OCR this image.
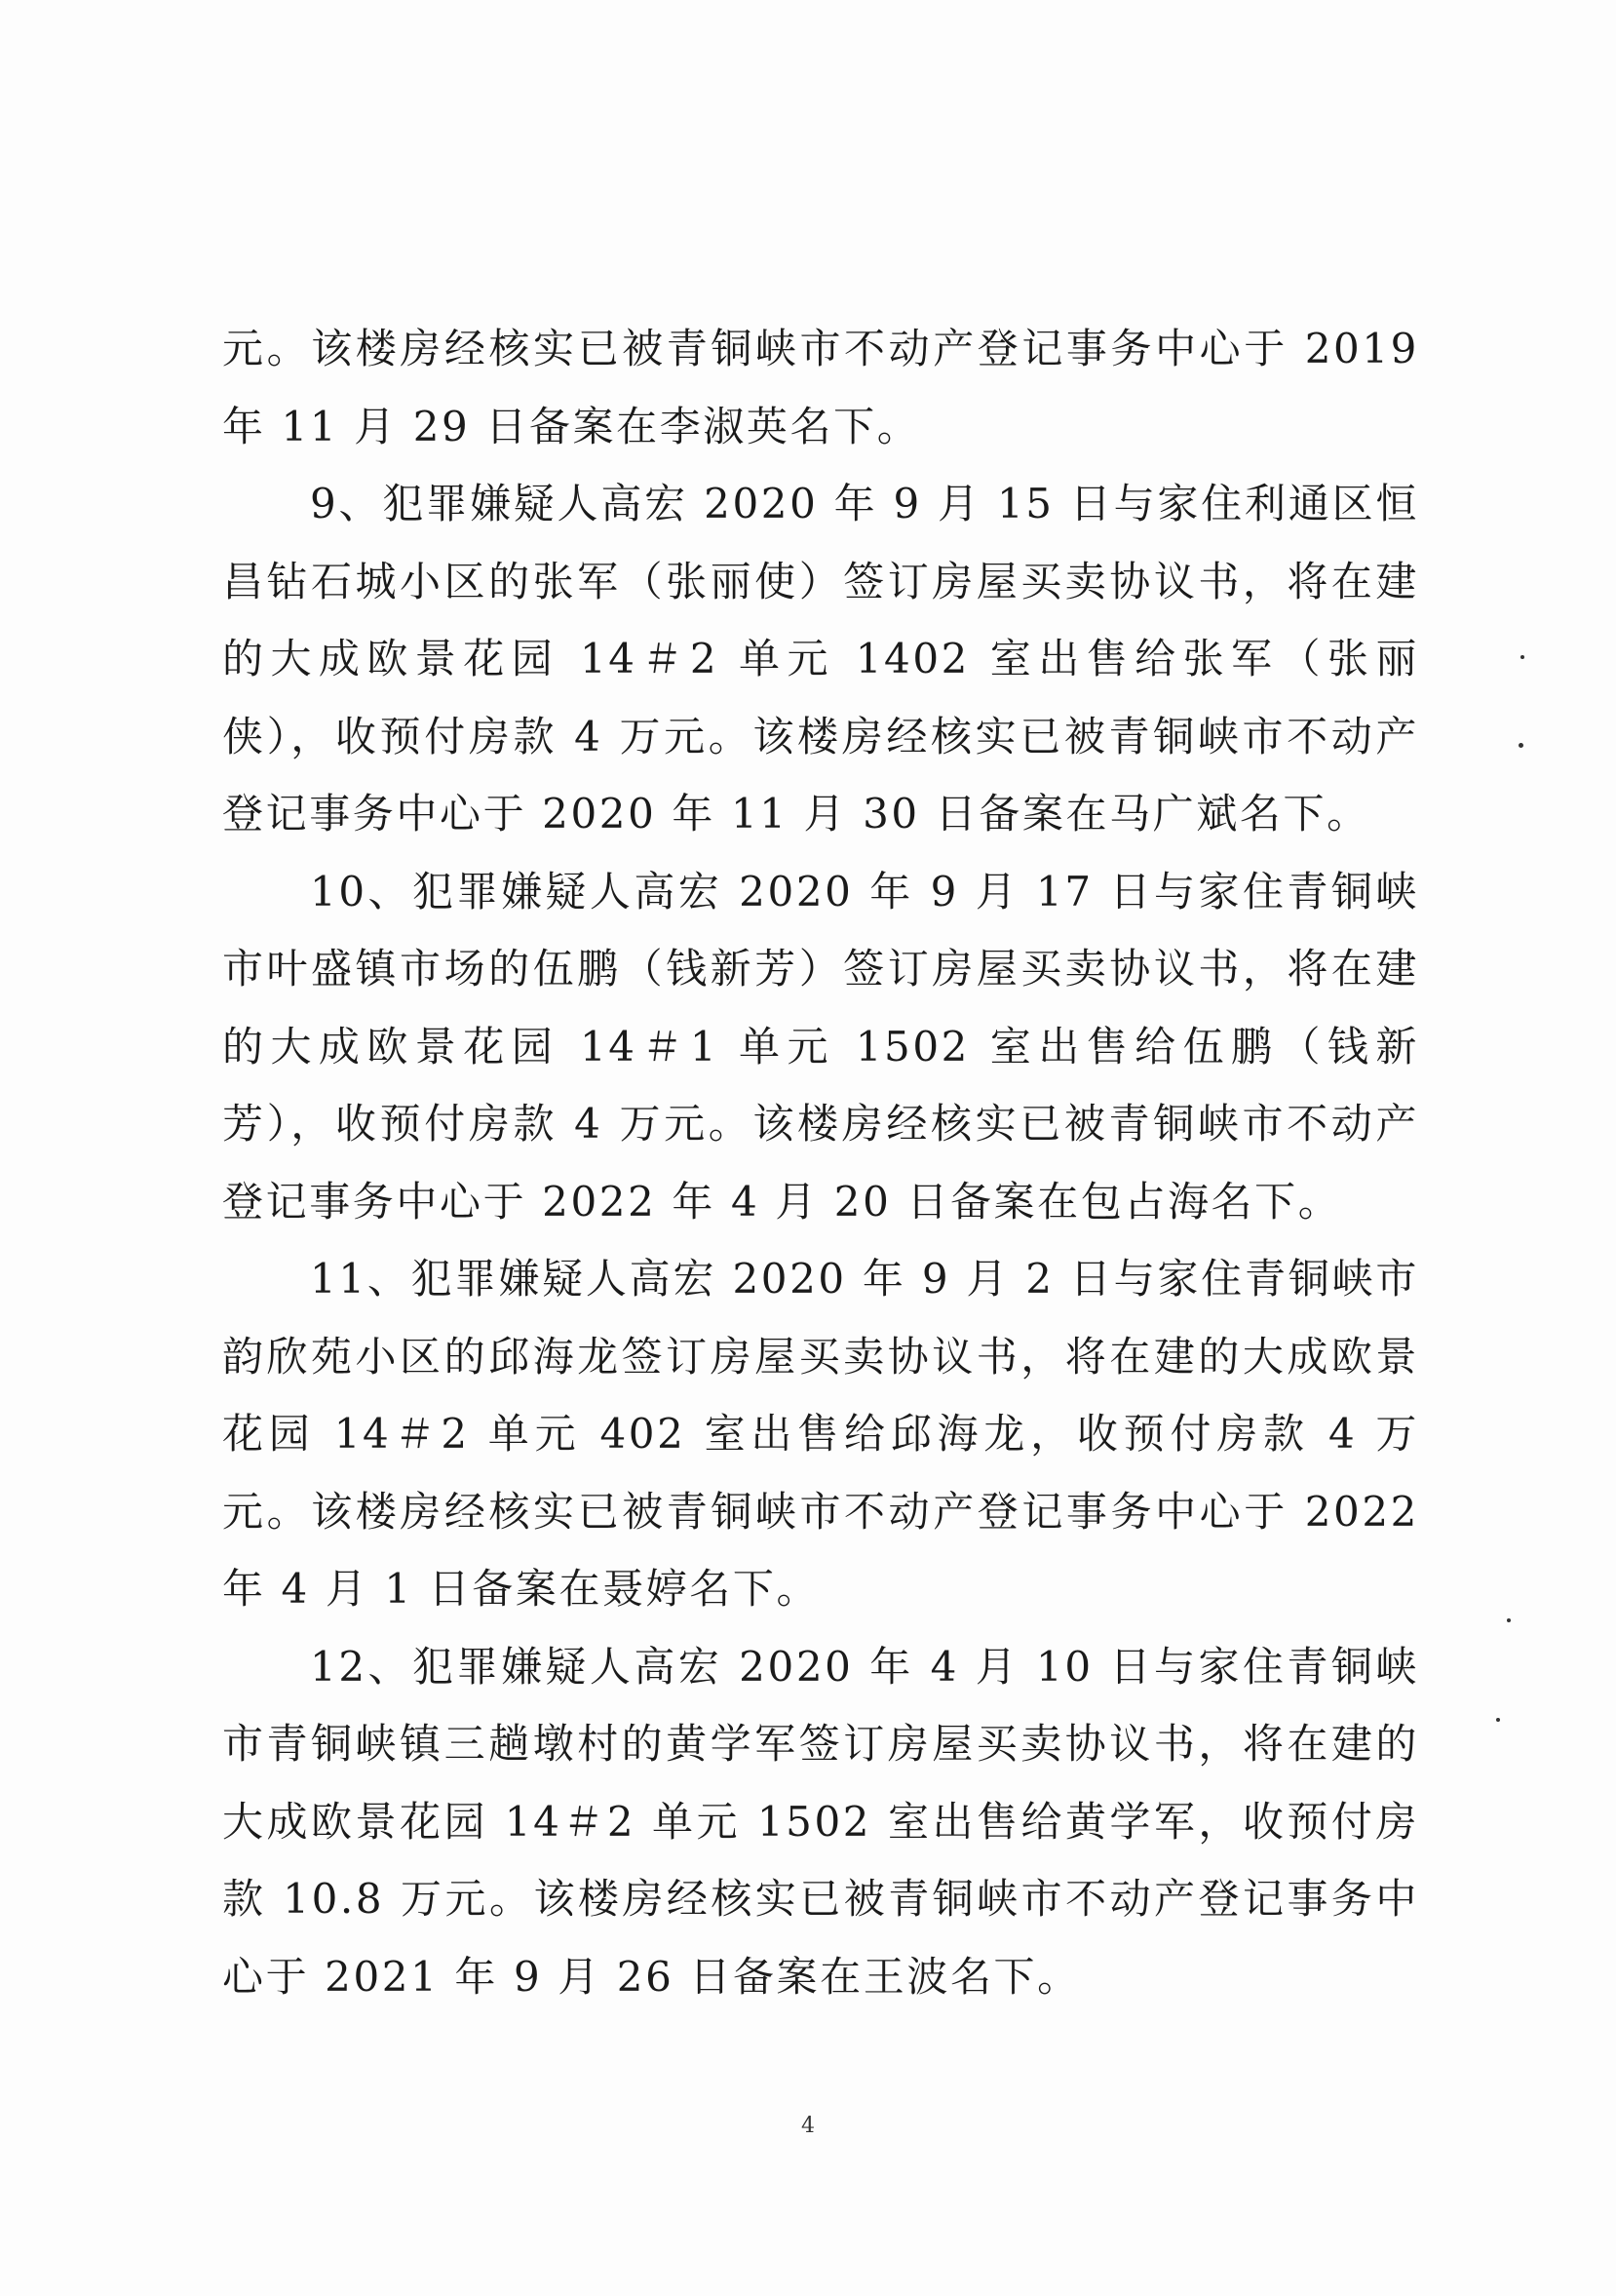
元。该楼房经核实已被青铜峡市不动产登记事务中心于 2019 年 11 月 29 日备案在李淑英名下。

9、犯罪嫌疑人高宏 2020 年 9 月 15 日与家住利通区恒昌钻石城小区的张军（张丽使）签订房屋买卖协议书，将在建的大成欧景花园 14＃2 单元 1402 室出售给张军（张丽侠），收预付房款 4 万元。该楼房经核实已被青铜峡市不动产登记事务中心于 2020 年 11 月 30 日备案在马广斌名下。

10、犯罪嫌疑人高宏 2020 年 9 月 17 日与家住青铜峡市叶盛镇市场的伍鹏（钱新芳）签订房屋买卖协议书，将在建的大成欧景花园 14＃1 单元 1502 室出售给伍鹏（钱新芳），收预付房款 4 万元。该楼房经核实已被青铜峡市不动产登记事务中心于 2022 年 4 月 20 日备案在包占海名下。

11、犯罪嫌疑人高宏 2020 年 9 月 2 日与家住青铜峡市韵欣苑小区的邱海龙签订房屋买卖协议书，将在建的大成欧景花园 14＃2 单元 402 室出售给邱海龙，收预付房款 4 万元。该楼房经核实已被青铜峡市不动产登记事务中心于 2022 年 4 月 1 日备案在聂婷名下。

12、犯罪嫌疑人高宏 2020 年 4 月 10 日与家住青铜峡市青铜峡镇三趟墩村的黄学军签订房屋买卖协议书，将在建的大成欧景花园 14＃2 单元 1502 室出售给黄学军，收预付房款 10.8 万元。该楼房经核实已被青铜峡市不动产登记事务中心于 2021 年 9 月 26 日备案在王波名下。

4
